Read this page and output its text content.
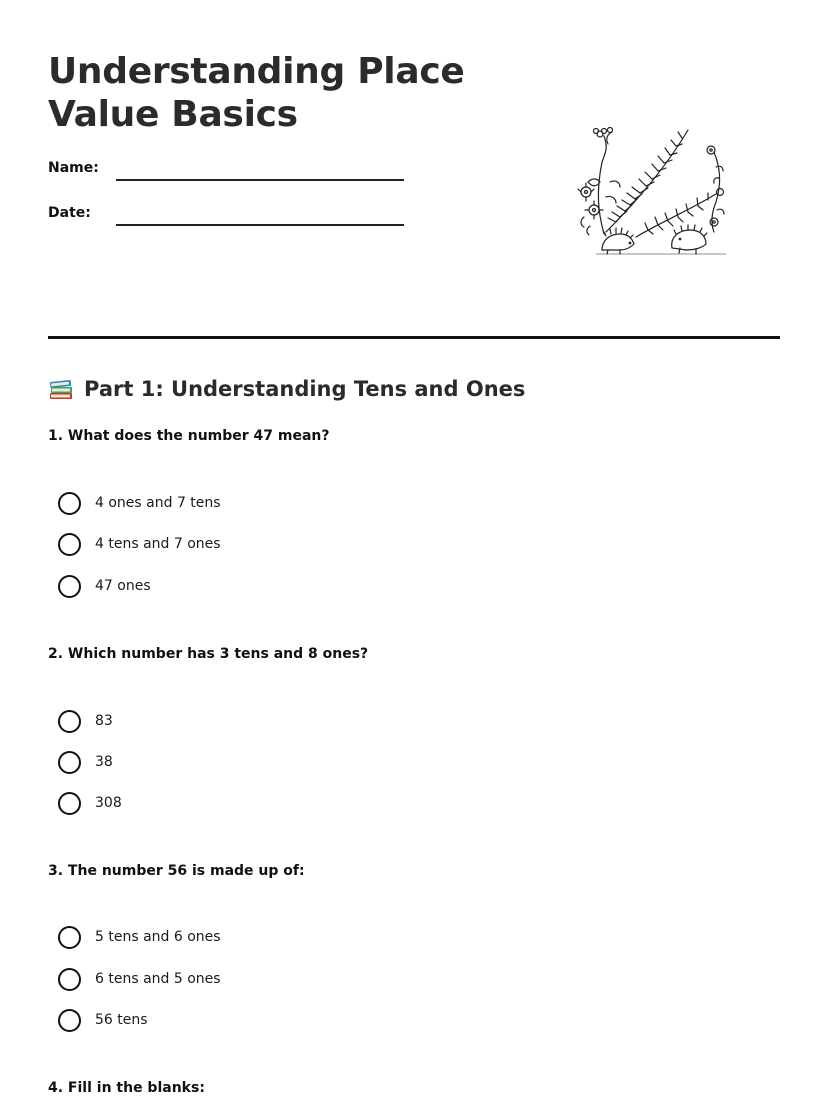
Understanding Place
Value Basics
Name:
Date:
Part 1: Understanding Tens and Ones

1. What does the number 47 mean?

4 ones and 7 tens
4 tens and 7 ones
47 ones

2. Which number has 3 tens and 8 ones?

83
38
308

3. The number 56 is made up of:

5 tens and 6 ones
6 tens and 5 ones
56 tens

4. Fill in the blanks:
